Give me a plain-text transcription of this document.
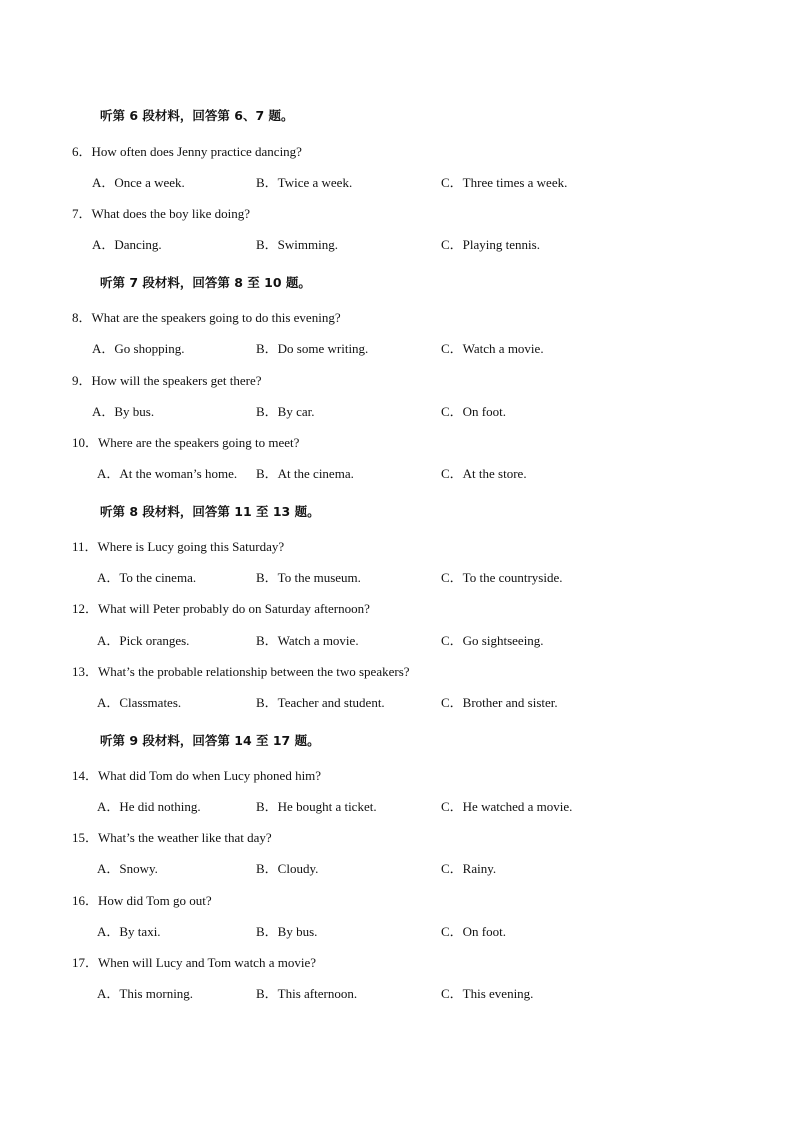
听第 6 段材料，回答第 6、7 题。
6．How often does Jenny practice dancing?
A．Once a week.	B．Twice a week.	C．Three times a week.
7．What does the boy like doing?
A．Dancing.	B．Swimming.	C．Playing tennis.
听第 7 段材料，回答第 8 至 10 题。
8．What are the speakers going to do this evening?
A．Go shopping.	B．Do some writing.	C．Watch a movie.
9．How will the speakers get there?
A．By bus.	B．By car.	C．On foot.
10．Where are the speakers going to meet?
A．At the woman’s home. B．At the cinema.	C．At the store.
听第 8 段材料，回答第 11 至 13 题。
11．Where is Lucy going this Saturday?
A．To the cinema.	B．To the museum.	C．To the countryside.
12．What will Peter probably do on Saturday afternoon?
A．Pick oranges.	B．Watch a movie.	C．Go sightseeing.
13．What’s the probable relationship between the two speakers?
A．Classmates.	B．Teacher and student.	C．Brother and sister.
听第 9 段材料，回答第 14 至 17 题。
14．What did Tom do when Lucy phoned him?
A．He did nothing.	B．He bought a ticket.	C．He watched a movie.
15．What’s the weather like that day?
A．Snowy.	B．Cloudy.	C．Rainy.
16．How did Tom go out?
A．By taxi.	B．By bus.	C．On foot.
17．When will Lucy and Tom watch a movie?
A．This morning.	B．This afternoon.	C．This evening.
